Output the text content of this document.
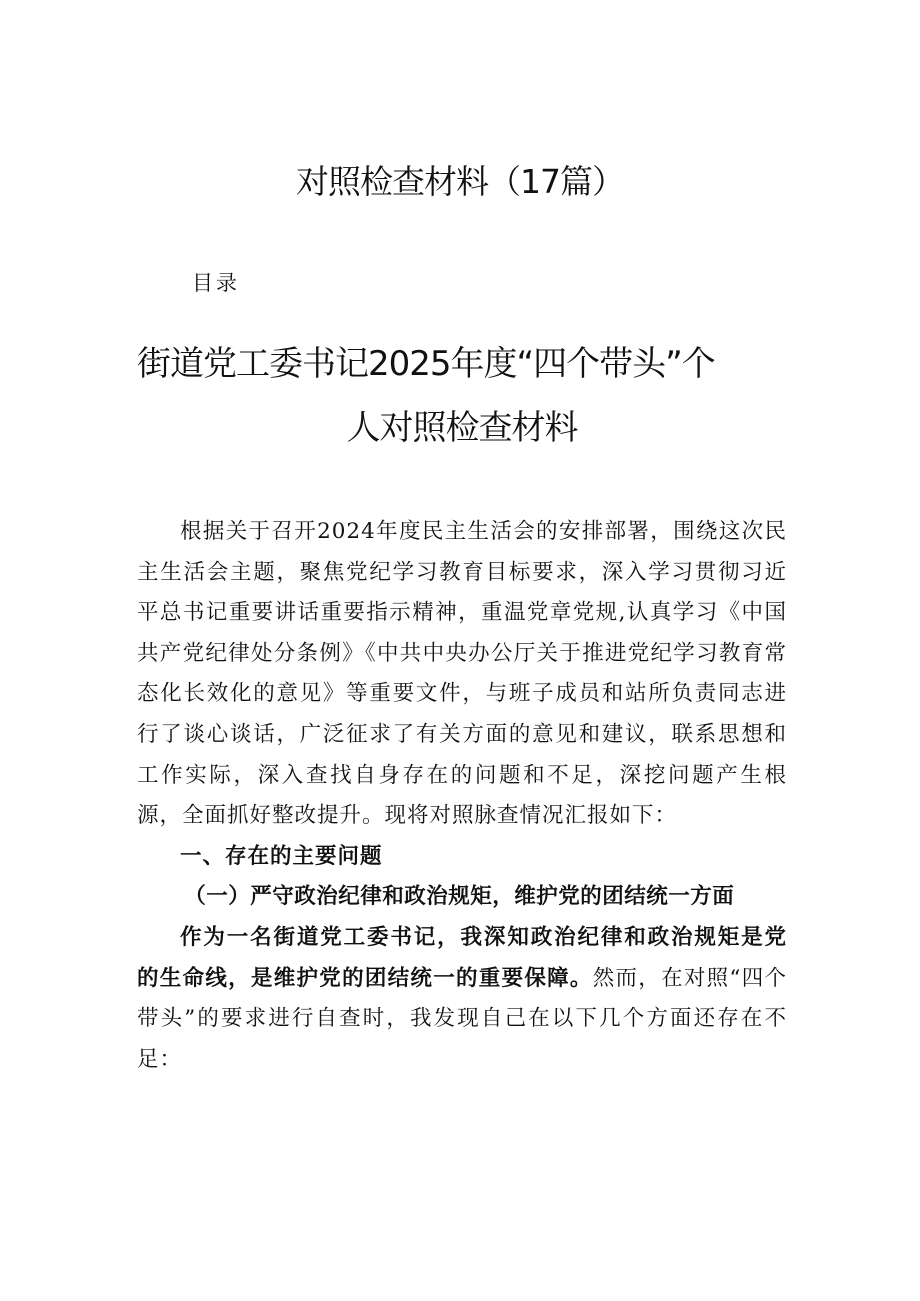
对照检查材料（17篇）
目录
街道党工委书记2025年度“四个带头”个
人对照检查材料

根据关于召开2024年度民主生活会的安排部署，围绕这次民主生活会主题，聚焦党纪学习教育目标要求，深入学习贯彻习近平总书记重要讲话重要指示精神，重温党章党规,认真学习《中国共产党纪律处分条例》《中共中央办公厅关于推进党纪学习教育常态化长效化的意见》等重要文件，与班子成员和站所负责同志进行了谈心谈话，广泛征求了有关方面的意见和建议，联系思想和工作实际，深入查找自身存在的问题和不足，深挖问题产生根源，全面抓好整改提升。现将对照脉查情况汇报如下：

一、存在的主要问题

（一）严守政治纪律和政治规矩，维护党的团结统一方面

作为一名街道党工委书记，我深知政治纪律和政治规矩是党的生命线，是维护党的团结统一的重要保障。然而，在对照“四个带头”的要求进行自查时，我发现自己在以下几个方面还存在不足：
